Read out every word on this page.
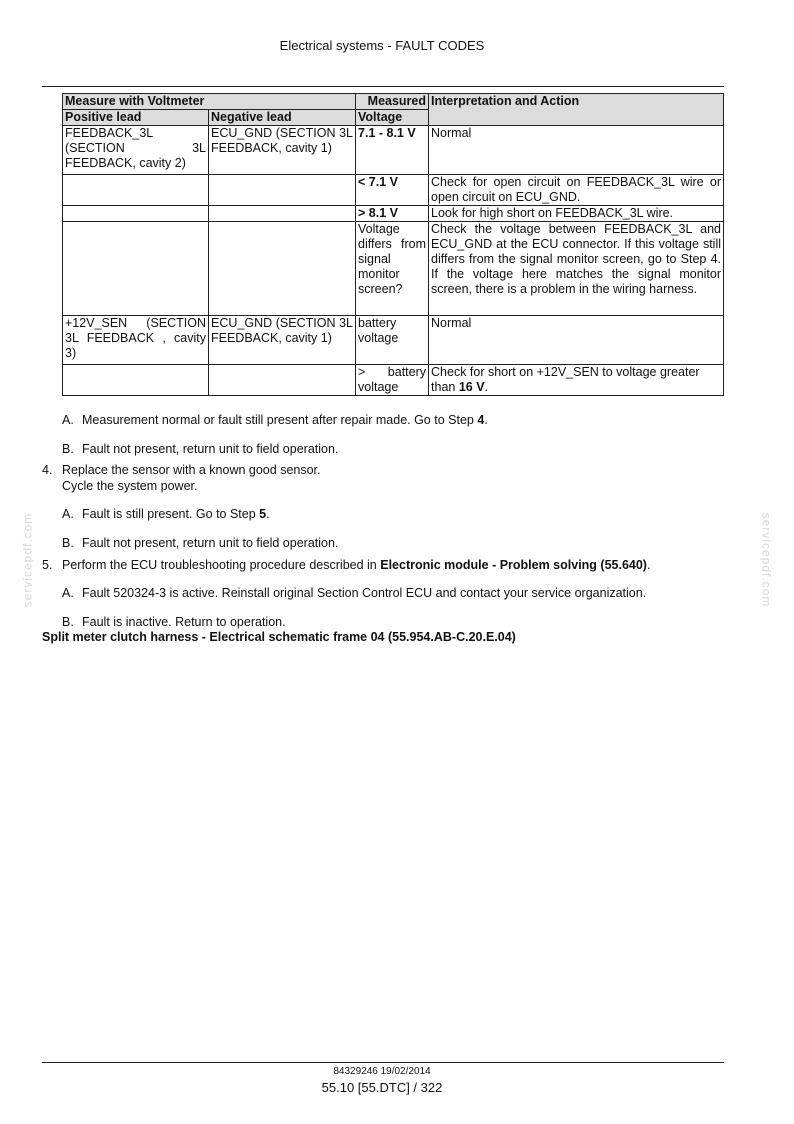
Electrical systems - FAULT CODES
Measure with Voltmeter		Measured	Interpretation and Action
Positive lead	Negative lead	Voltage	
FEEDBACK_3L (SECTION 3L FEEDBACK, cavity 2)	ECU_GND (SECTION 3L FEEDBACK, cavity 1)	7.1 - 8.1 V	Normal
		< 7.1 V	Check for open circuit on FEEDBACK_3L wire or open circuit on ECU_GND.
		> 8.1 V	Look for high short on FEEDBACK_3L wire.
		Voltage differs from signal monitor screen?	Check the voltage between FEEDBACK_3L and ECU_GND at the ECU connector. If this voltage still differs from the signal monitor screen, go to Step 4. If the voltage here matches the signal monitor screen, there is a problem in the wiring harness.
+12V_SEN (SECTION 3L FEEDBACK , cavity 3)	ECU_GND (SECTION 3L FEEDBACK, cavity 1)	battery voltage	Normal
		> battery voltage	Check for short on +12V_SEN to voltage greater than 16 V.
A. Measurement normal or fault still present after repair made. Go to Step 4.
B. Fault not present, return unit to field operation.
4. Replace the sensor with a known good sensor.
Cycle the system power.
A. Fault is still present. Go to Step 5.
B. Fault not present, return unit to field operation.
5. Perform the ECU troubleshooting procedure described in Electronic module - Problem solving (55.640).
A. Fault 520324-3 is active. Reinstall original Section Control ECU and contact your service organization.
B. Fault is inactive. Return to operation.
Split meter clutch harness - Electrical schematic frame 04 (55.954.AB-C.20.E.04)
servicepdf.com	servicepdf.com
84329246 19/02/2014
55.10 [55.DTC] / 322
